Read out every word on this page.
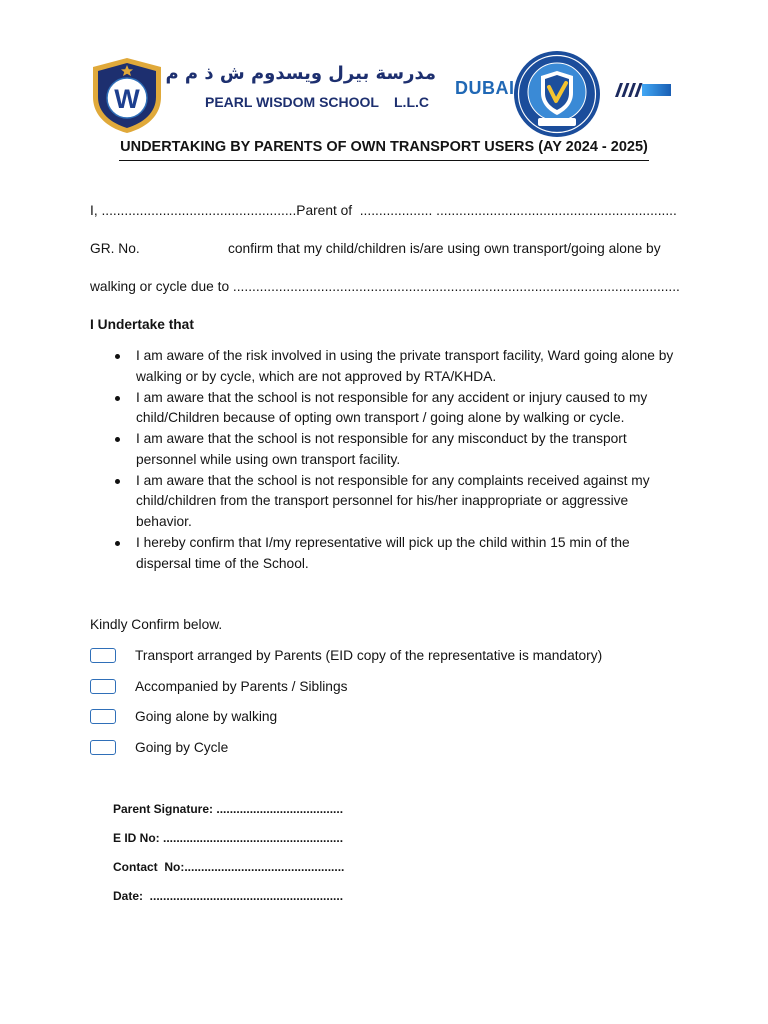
W
مدرسة بيرل ويسدوم ش ذ م م
PEARL WISDOM SCHOOL L.L.C
DUBAI
UNDERTAKING BY PARENTS OF OWN TRANSPORT USERS (AY 2024 - 2025)
I, ...................................................Parent of  ................... ...............................................................
GR. No.	confirm that my child/children is/are using own transport/going alone by
walking or cycle due to .....................................................................................................................
I Undertake that
I am aware of the risk involved in using the private transport facility, Ward going alone by
walking or by cycle, which are not approved by RTA/KHDA.
I am aware that the school is not responsible for any accident or injury caused to my
child/Children because of opting own transport / going alone by walking or cycle.
I am aware that the school is not responsible for any misconduct by the transport
personnel while using own transport facility.
I am aware that the school is not responsible for any complaints received against my
child/children from the transport personnel for his/her inappropriate or aggressive
behavior.
I hereby confirm that I/my representative will pick up the child within 15 min of the
dispersal time of the School.
Kindly Confirm below.
Transport arranged by Parents (EID copy of the representative is mandatory)
Accompanied by Parents / Siblings
Going alone by walking
Going by Cycle
Parent Signature: ......................................
E ID No: ......................................................
Contact  No:................................................
Date:  ..........................................................
